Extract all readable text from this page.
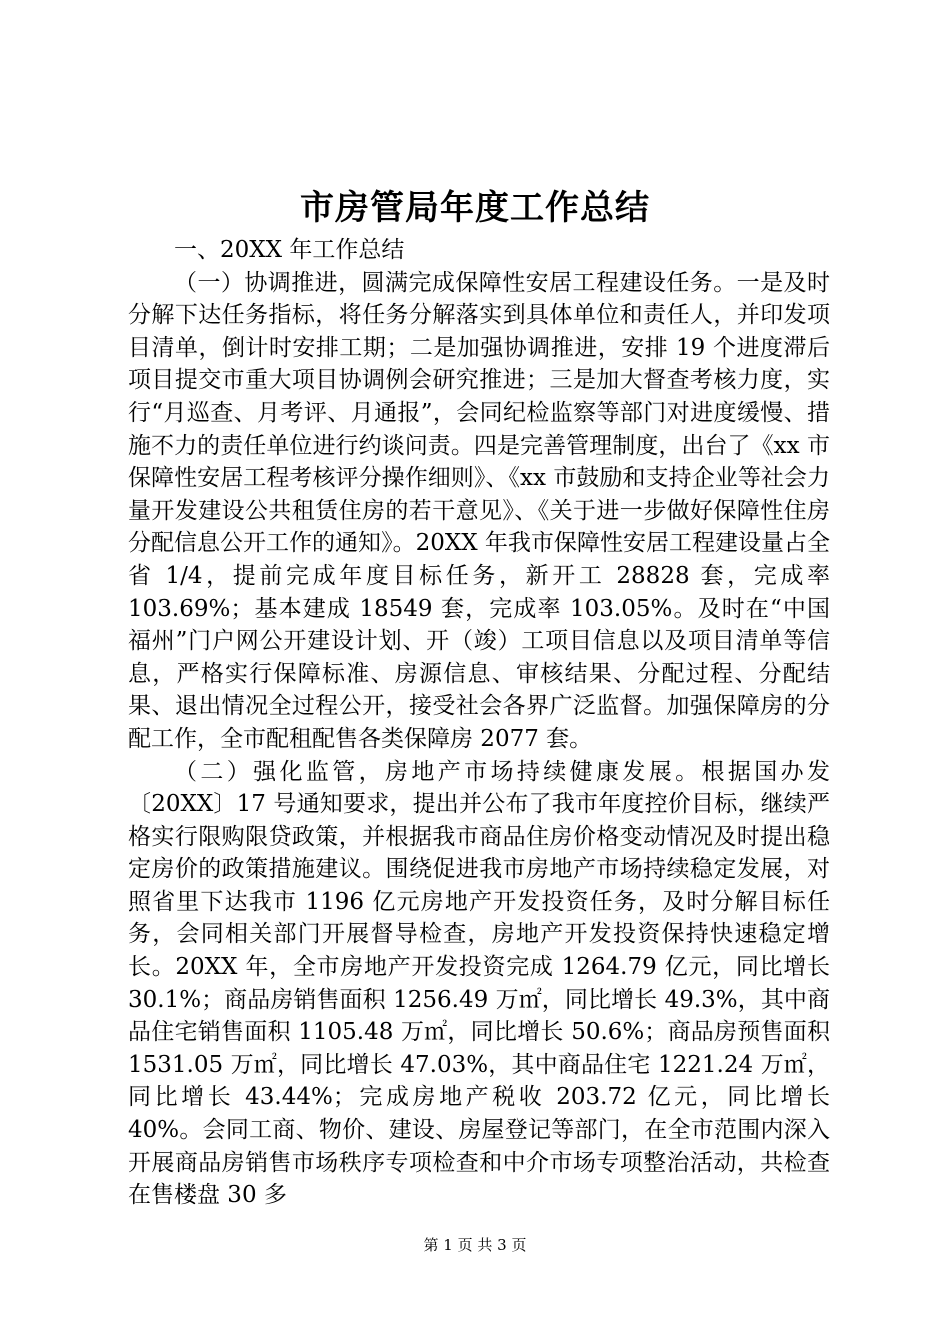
市房管局年度工作总结

一、20XX 年工作总结

（一）协调推进，圆满完成保障性安居工程建设任务。一是及时分解下达任务指标，将任务分解落实到具体单位和责任人，并印发项目清单，倒计时安排工期；二是加强协调推进，安排 19 个进度滞后项目提交市重大项目协调例会研究推进；三是加大督查考核力度，实行“月巡查、月考评、月通报”，会同纪检监察等部门对进度缓慢、措施不力的责任单位进行约谈问责。四是完善管理制度，出台了《xx 市保障性安居工程考核评分操作细则》、《xx 市鼓励和支持企业等社会力量开发建设公共租赁住房的若干意见》、《关于进一步做好保障性住房分配信息公开工作的通知》。20XX 年我市保障性安居工程建设量占全省 1/4，提前完成年度目标任务，新开工 28828 套，完成率 103.69%；基本建成 18549 套，完成率 103.05%。及时在“中国福州”门户网公开建设计划、开（竣）工项目信息以及项目清单等信息，严格实行保障标准、房源信息、审核结果、分配过程、分配结果、退出情况全过程公开，接受社会各界广泛监督。加强保障房的分配工作，全市配租配售各类保障房 2077 套。

（二）强化监管，房地产市场持续健康发展。根据国办发〔20XX〕17 号通知要求，提出并公布了我市年度控价目标，继续严格实行限购限贷政策，并根据我市商品住房价格变动情况及时提出稳定房价的政策措施建议。围绕促进我市房地产市场持续稳定发展，对照省里下达我市 1196 亿元房地产开发投资任务，及时分解目标任务，会同相关部门开展督导检查，房地产开发投资保持快速稳定增长。20XX 年，全市房地产开发投资完成 1264.79 亿元，同比增长 30.1%；商品房销售面积 1256.49 万㎡，同比增长 49.3%，其中商品住宅销售面积 1105.48 万㎡，同比增长 50.6%；商品房预售面积 1531.05 万㎡，同比增长 47.03%，其中商品住宅 1221.24 万㎡，同比增长 43.44%；完成房地产税收 203.72 亿元，同比增长 40%。会同工商、物价、建设、房屋登记等部门，在全市范围内深入开展商品房销售市场秩序专项检查和中介市场专项整治活动，共检查在售楼盘 30 多

第 1 页 共 3 页
